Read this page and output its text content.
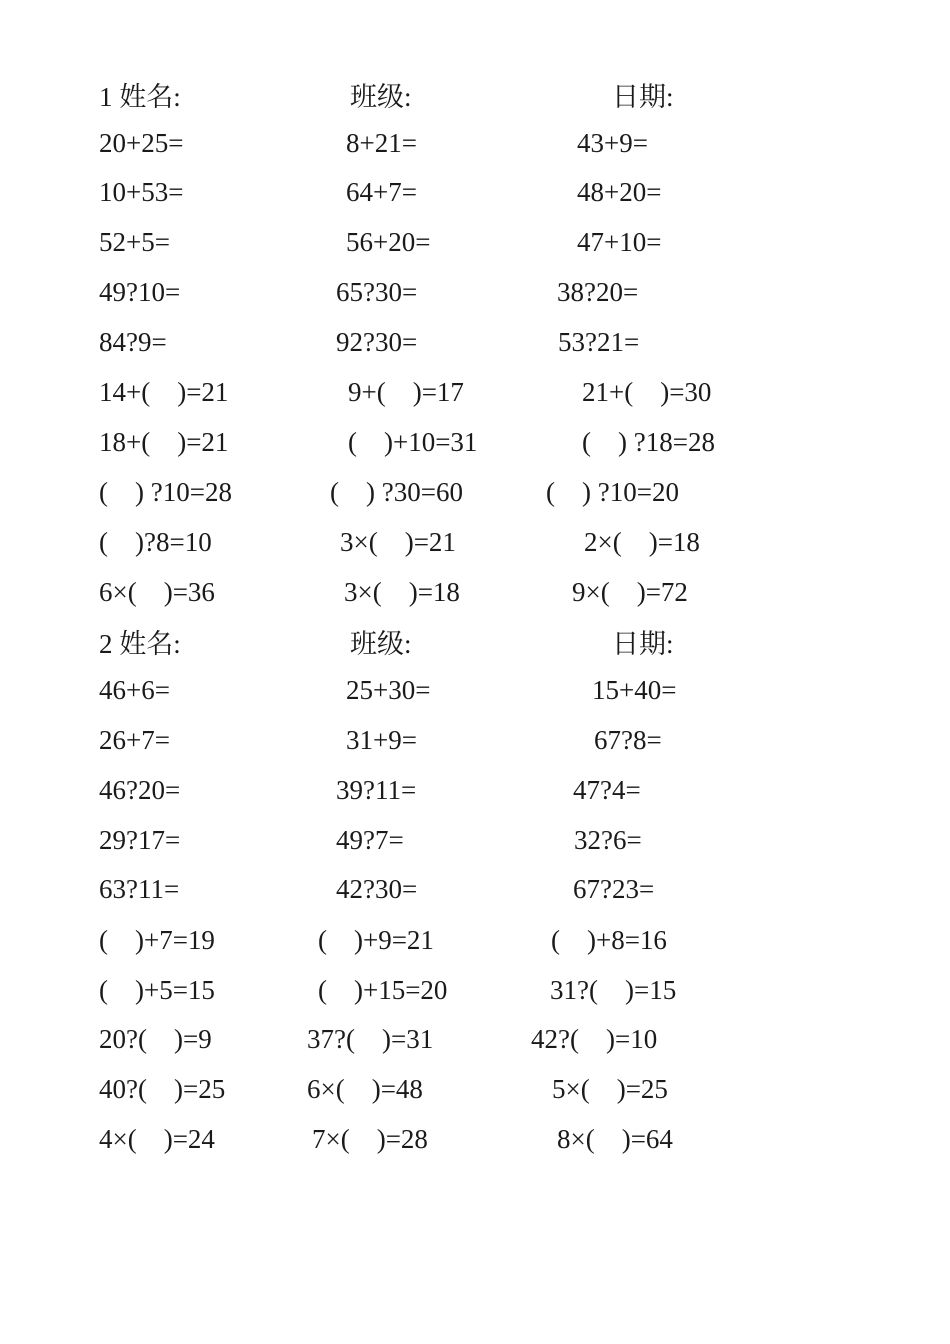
1 姓名:	班级:	日期:
20+25=	8+21=	43+9=
10+53=	64+7=	48+20=
52+5=	56+20=	47+10=
49?10=	65?30=	38?20=
84?9=	92?30=	53?21=
14+(    )=21	9+(    )=17	21+(    )=30
18+(    )=21	(    )+10=31	(    ) ?18=28
(    ) ?10=28	(    ) ?30=60	(    ) ?10=20
(    )?8=10	3×(    )=21	2×(    )=18
6×(    )=36	3×(    )=18	9×(    )=72
2 姓名:	班级:	日期:
46+6=	25+30=	15+40=
26+7=	31+9=	67?8=
46?20=	39?11=	47?4=
29?17=	49?7=	32?6=
63?11=	42?30=	67?23=
(    )+7=19	(    )+9=21	(    )+8=16
(    )+5=15	(    )+15=20	31?(    )=15
20?(    )=9	37?(    )=31	42?(    )=10
40?(    )=25	6×(    )=48	5×(    )=25
4×(    )=24	7×(    )=28	8×(    )=64
